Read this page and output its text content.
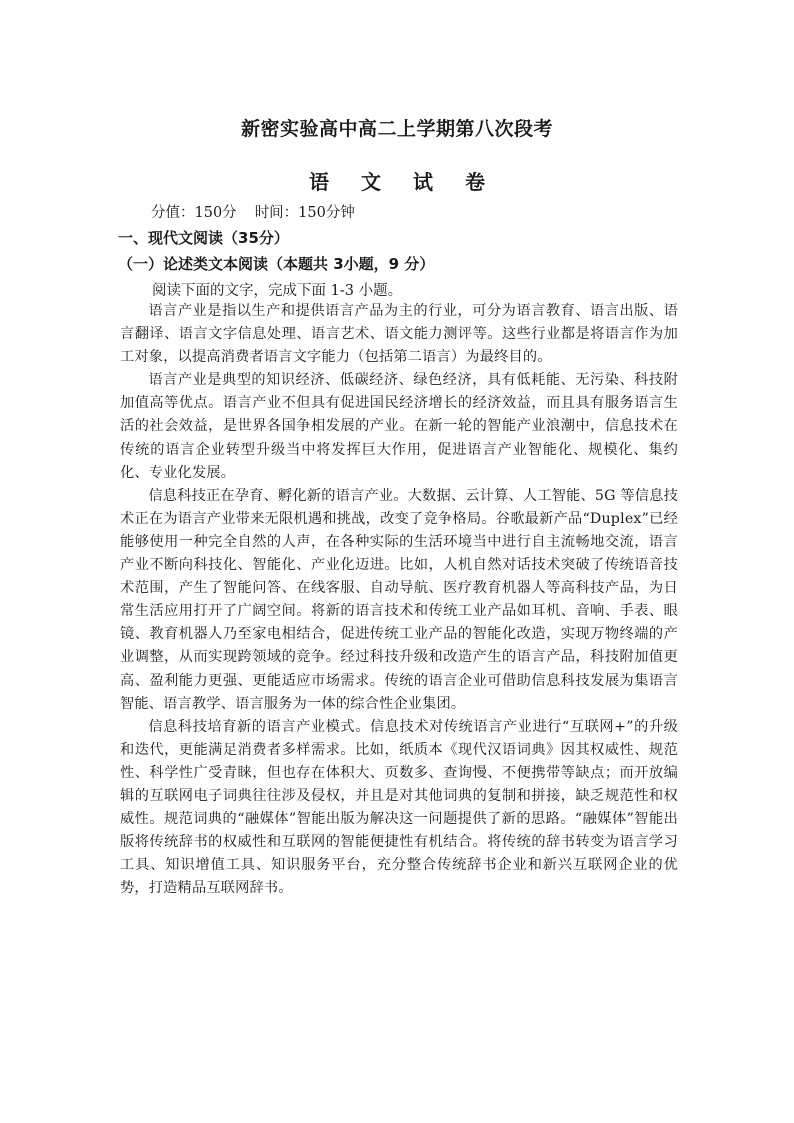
新密实验高中高二上学期第八次段考
语文试卷
分值：150分 时间：150分钟
一、现代文阅读（35分）
（一）论述类文本阅读（本题共 3小题，9 分）
阅读下面的文字，完成下面 1-3 小题。

语言产业是指以生产和提供语言产品为主的行业，可分为语言教育、语言出版、语言翻译、语言文字信息处理、语言艺术、语文能力测评等。这些行业都是将语言作为加工对象，以提高消费者语言文字能力（包括第二语言）为最终目的。

语言产业是典型的知识经济、低碳经济、绿色经济，具有低耗能、无污染、科技附加值高等优点。语言产业不但具有促进国民经济增长的经济效益，而且具有服务语言生活的社会效益，是世界各国争相发展的产业。在新一轮的智能产业浪潮中，信息技术在传统的语言企业转型升级当中将发挥巨大作用，促进语言产业智能化、规模化、集约化、专业化发展。

信息科技正在孕育、孵化新的语言产业。大数据、云计算、人工智能、5G 等信息技术正在为语言产业带来无限机遇和挑战，改变了竞争格局。谷歌最新产品“Duplex”已经能够使用一种完全自然的人声，在各种实际的生活环境当中进行自主流畅地交流，语言产业不断向科技化、智能化、产业化迈进。比如，人机自然对话技术突破了传统语音技术范围，产生了智能问答、在线客服、自动导航、医疗教育机器人等高科技产品，为日常生活应用打开了广阔空间。将新的语言技术和传统工业产品如耳机、音响、手表、眼镜、教育机器人乃至家电相结合，促进传统工业产品的智能化改造，实现万物终端的产业调整，从而实现跨领域的竞争。经过科技升级和改造产生的语言产品，科技附加值更高、盈利能力更强、更能适应市场需求。传统的语言企业可借助信息科技发展为集语言智能、语言教学、语言服务为一体的综合性企业集团。

信息科技培育新的语言产业模式。信息技术对传统语言产业进行“互联网+”的升级和迭代，更能满足消费者多样需求。比如，纸质本《现代汉语词典》因其权威性、规范性、科学性广受青睐，但也存在体积大、页数多、查询慢、不便携带等缺点；而开放编辑的互联网电子词典往往涉及侵权，并且是对其他词典的复制和拼接，缺乏规范性和权威性。规范词典的“融媒体”智能出版为解决这一问题提供了新的思路。“融媒体”智能出版将传统辞书的权威性和互联网的智能便捷性有机结合。将传统的辞书转变为语言学习工具、知识增值工具、知识服务平台，充分整合传统辞书企业和新兴互联网企业的优势，打造精品互联网辞书。
